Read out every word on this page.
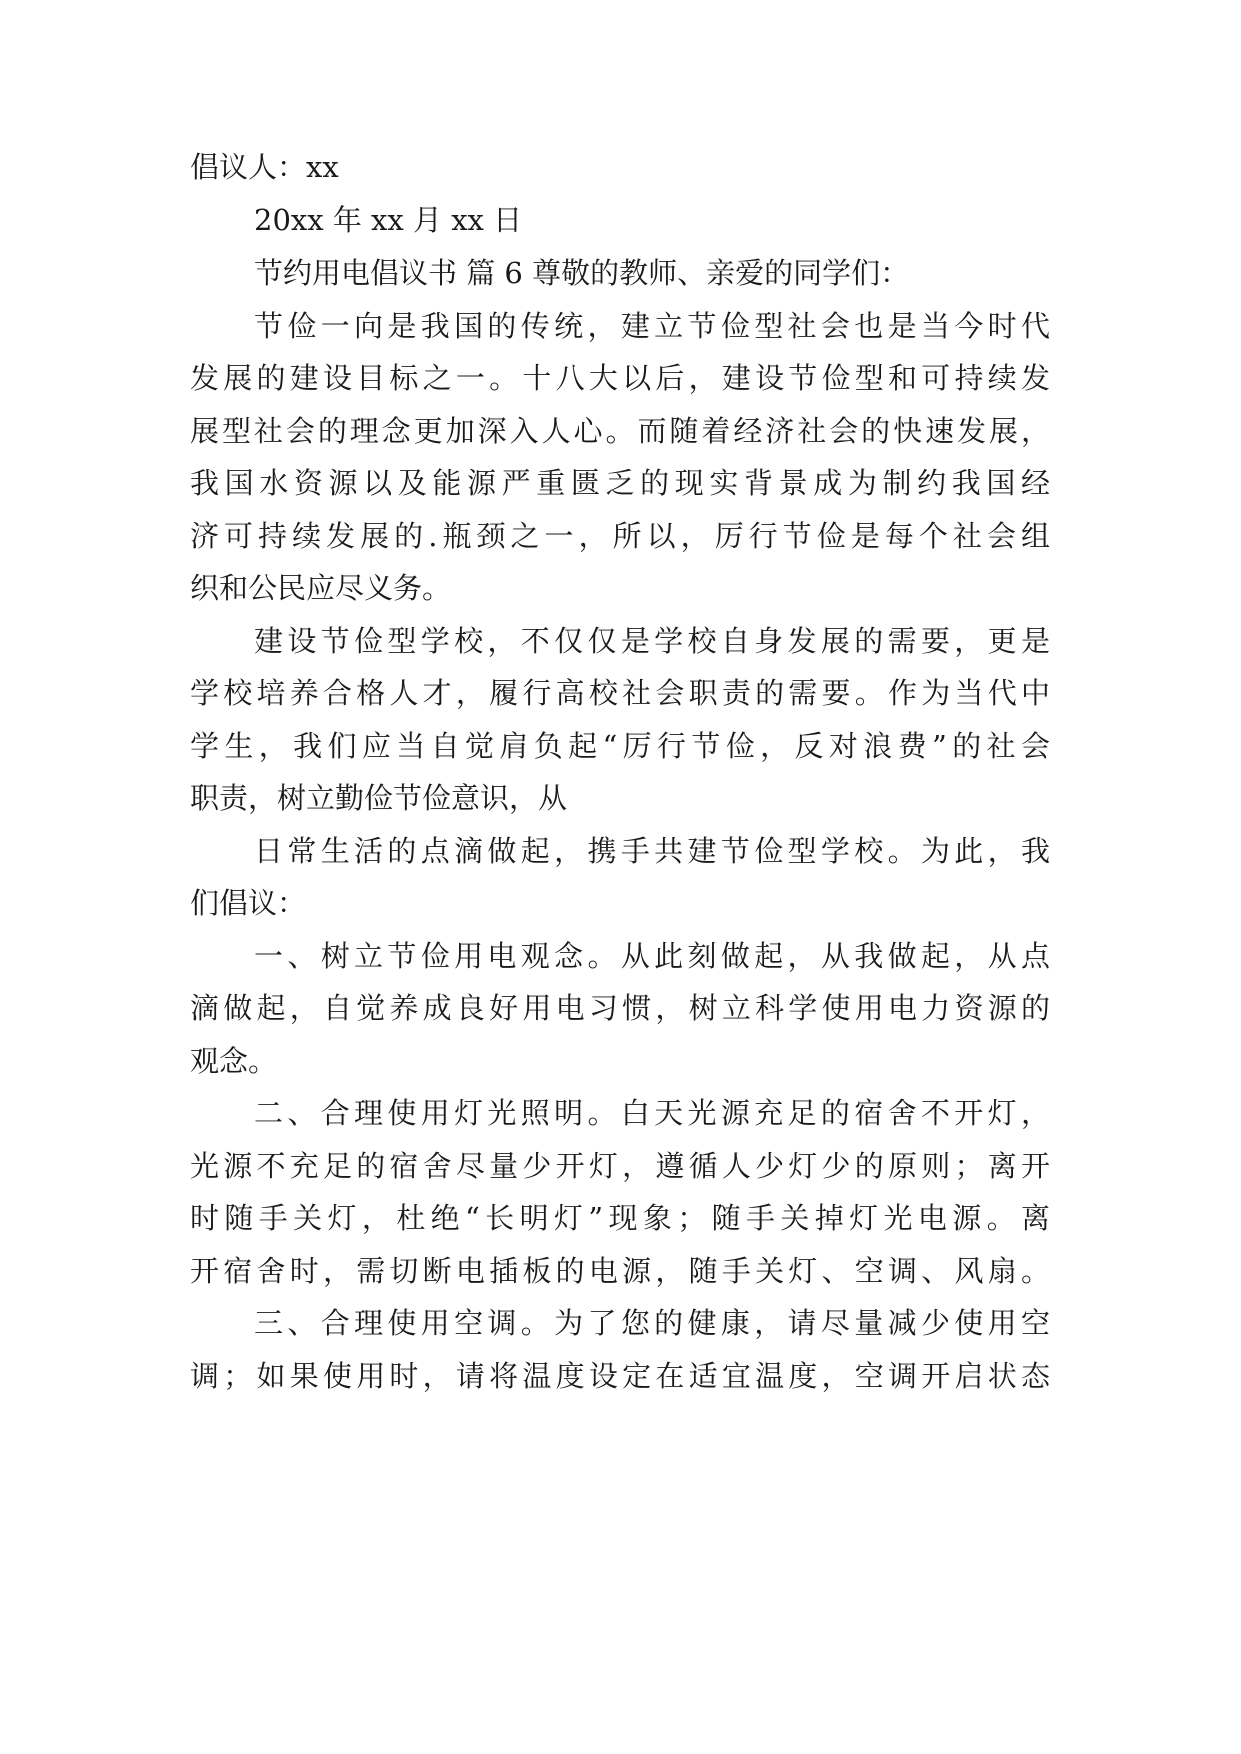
倡议人：xx

20xx 年 xx 月 xx 日

节约用电倡议书 篇 6 尊敬的教师、亲爱的同学们：

节俭一向是我国的传统，建立节俭型社会也是当今时代

发展的建设目标之一。十八大以后，建设节俭型和可持续发

展型社会的理念更加深入人心。而随着经济社会的快速发展，

我国水资源以及能源严重匮乏的现实背景成为制约我国经

济可持续发展的.瓶颈之一，所以，厉行节俭是每个社会组

织和公民应尽义务。

建设节俭型学校，不仅仅是学校自身发展的需要，更是

学校培养合格人才，履行高校社会职责的需要。作为当代中

学生，我们应当自觉肩负起“厉行节俭，反对浪费”的社会

职责，树立勤俭节俭意识，从

日常生活的点滴做起，携手共建节俭型学校。为此，我

们倡议：

一、树立节俭用电观念。从此刻做起，从我做起，从点

滴做起，自觉养成良好用电习惯，树立科学使用电力资源的

观念。

二、合理使用灯光照明。白天光源充足的宿舍不开灯，

光源不充足的宿舍尽量少开灯，遵循人少灯少的原则；离开

时随手关灯，杜绝“长明灯”现象；随手关掉灯光电源。离

开宿舍时，需切断电插板的电源，随手关灯、空调、风扇。

三、合理使用空调。为了您的健康，请尽量减少使用空

调；如果使用时，请将温度设定在适宜温度，空调开启状态
